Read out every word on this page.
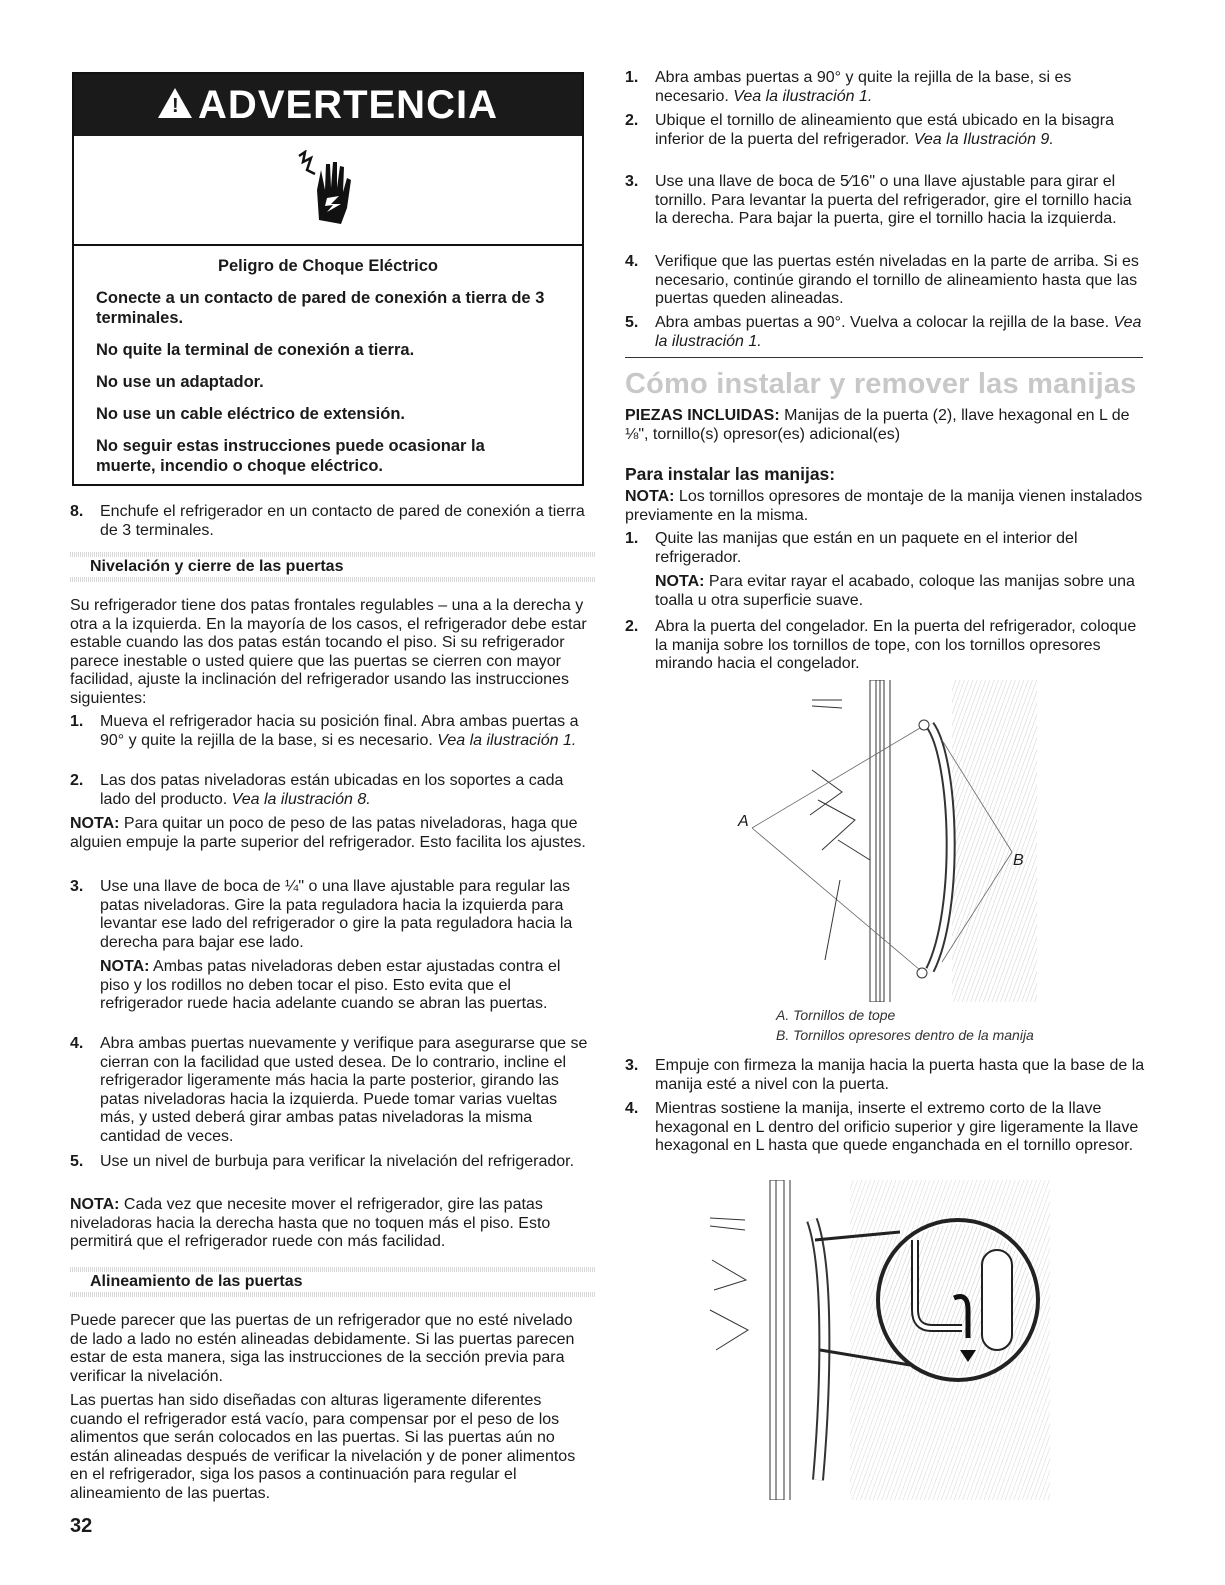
! ADVERTENCIA

Peligro de Choque Eléctrico

Conecte a un contacto de pared de conexión a tierra de 3 terminales.

No quite la terminal de conexión a tierra.

No use un adaptador.

No use un cable eléctrico de extensión.

No seguir estas instrucciones puede ocasionar la muerte, incendio o choque eléctrico.

8.	Enchufe el refrigerador en un contacto de pared de conexión a tierra de 3 terminales.
Nivelación y cierre de las puertas

Su refrigerador tiene dos patas frontales regulables – una a la derecha y otra a la izquierda. En la mayoría de los casos, el refrigerador debe estar estable cuando las dos patas están tocando el piso. Si su refrigerador parece inestable o usted quiere que las puertas se cierren con mayor facilidad, ajuste la inclinación del refrigerador usando las instrucciones siguientes:

1.	Mueva el refrigerador hacia su posición final. Abra ambas puertas a 90° y quite la rejilla de la base, si es necesario. Vea la ilustración 1.
2.	Las dos patas niveladoras están ubicadas en los soportes a cada lado del producto. Vea la ilustración 8.

NOTA: Para quitar un poco de peso de las patas niveladoras, haga que alguien empuje la parte superior del refrigerador. Esto facilita los ajustes.

3.	Use una llave de boca de ¼" o una llave ajustable para regular las patas niveladoras. Gire la pata reguladora hacia la izquierda para levantar ese lado del refrigerador o gire la pata reguladora hacia la derecha para bajar ese lado.

NOTA: Ambas patas niveladoras deben estar ajustadas contra el piso y los rodillos no deben tocar el piso. Esto evita que el refrigerador ruede hacia adelante cuando se abran las puertas.

4.	Abra ambas puertas nuevamente y verifique para asegurarse que se cierran con la facilidad que usted desea. De lo contrario, incline el refrigerador ligeramente más hacia la parte posterior, girando las patas niveladoras hacia la izquierda. Puede tomar varias vueltas más, y usted deberá girar ambas patas niveladoras la misma cantidad de veces.
5.	Use un nivel de burbuja para verificar la nivelación del refrigerador.

NOTA: Cada vez que necesite mover el refrigerador, gire las patas niveladoras hacia la derecha hasta que no toquen más el piso. Esto permitirá que el refrigerador ruede con más facilidad.

Alineamiento de las puertas

Puede parecer que las puertas de un refrigerador que no esté nivelado de lado a lado no estén alineadas debidamente. Si las puertas parecen estar de esta manera, siga las instrucciones de la sección previa para verificar la nivelación.

Las puertas han sido diseñadas con alturas ligeramente diferentes cuando el refrigerador está vacío, para compensar por el peso de los alimentos que serán colocados en las puertas. Si las puertas aún no están alineadas después de verificar la nivelación y de poner alimentos en el refrigerador, siga los pasos a continuación para regular el alineamiento de las puertas.

32
1.	Abra ambas puertas a 90° y quite la rejilla de la base, si es necesario. Vea la ilustración 1.
2.	Ubique el tornillo de alineamiento que está ubicado en la bisagra inferior de la puerta del refrigerador. Vea la Ilustración 9.
3.	Use una llave de boca de 5⁄16" o una llave ajustable para girar el tornillo. Para levantar la puerta del refrigerador, gire el tornillo hacia la derecha. Para bajar la puerta, gire el tornillo hacia la izquierda.
4.	Verifique que las puertas estén niveladas en la parte de arriba. Si es necesario, continúe girando el tornillo de alineamiento hasta que las puertas queden alineadas.
5.	Abra ambas puertas a 90°. Vuelva a colocar la rejilla de la base. Vea la ilustración 1.
Cómo instalar y remover las manijas

PIEZAS INCLUIDAS: Manijas de la puerta (2), llave hexagonal en L de ⅛", tornillo(s) opresor(es) adicional(es)

Para instalar las manijas:

NOTA: Los tornillos opresores de montaje de la manija vienen instalados previamente en la misma.

1.	Quite las manijas que están en un paquete en el interior del refrigerador.

NOTA: Para evitar rayar el acabado, coloque las manijas sobre una toalla u otra superficie suave.

2.	Abra la puerta del congelador. En la puerta del refrigerador, coloque la manija sobre los tornillos de tope, con los tornillos opresores mirando hacia el congelador.
A
B
A. Tornillos de tope
B. Tornillos opresores dentro de la manija
3.	Empuje con firmeza la manija hacia la puerta hasta que la base de la manija esté a nivel con la puerta.
4.	Mientras sostiene la manija, inserte el extremo corto de la llave hexagonal en L dentro del orificio superior y gire ligeramente la llave hexagonal en L hasta que quede enganchada en el tornillo opresor.
